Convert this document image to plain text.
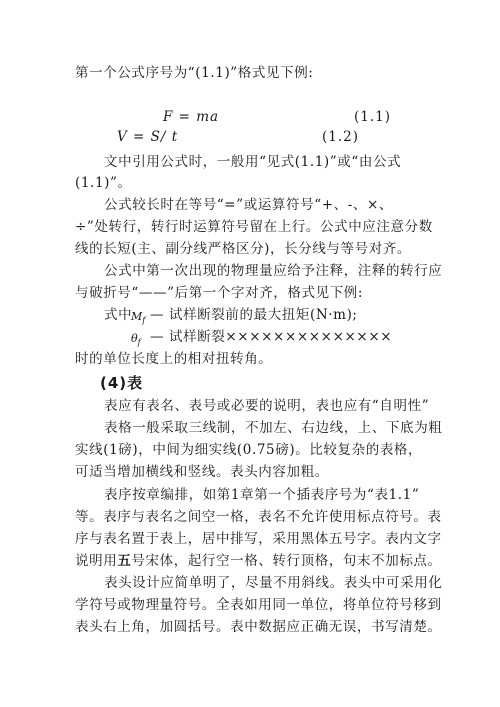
第一个公式序号为“(1.1)”格式见下例:
F = ma	(1.1)
V = S/ t	(1.2)
文中引用公式时，一般用“见式(1.1)”或“由公式
(1.1)”。
公式较长时在等号“=”或运算符号“+、-、×、
÷”处转行，转行时运算符号留在上行。公式中应注意分数
线的长短(主、副分线严格区分)，长分线与等号对齐。
公式中第一次出现的物理量应给予注释，注释的转行应
与破折号“——”后第一个字对齐，格式见下例:
式中
$M_f$ — 试样断裂前的最大扭矩(N·m);
$\theta_f$ — 试样断裂××××××××××××××
时的单位长度上的相对扭转角。
(4)表
表应有表名、表号或必要的说明，表也应有“自明性”
表格一般采取三线制，不加左、右边线，上、下底为粗
实线(1磅)，中间为细实线(0.75磅)。比较复杂的表格，
可适当增加横线和竖线。表头内容加粗。
表序按章编排，如第1章第一个插表序号为“表1.1”
等。表序与表名之间空一格，表名不允许使用标点符号。表
序与表名置于表上，居中排写，采用黑体五号字。表内文字
说明用五号宋体，起行空一格、转行顶格，句末不加标点。
表头设计应简单明了，尽量不用斜线。表头中可采用化
学符号或物理量符号。全表如用同一单位，将单位符号移到
表头右上角，加圆括号。表中数据应正确无误，书写清楚。
